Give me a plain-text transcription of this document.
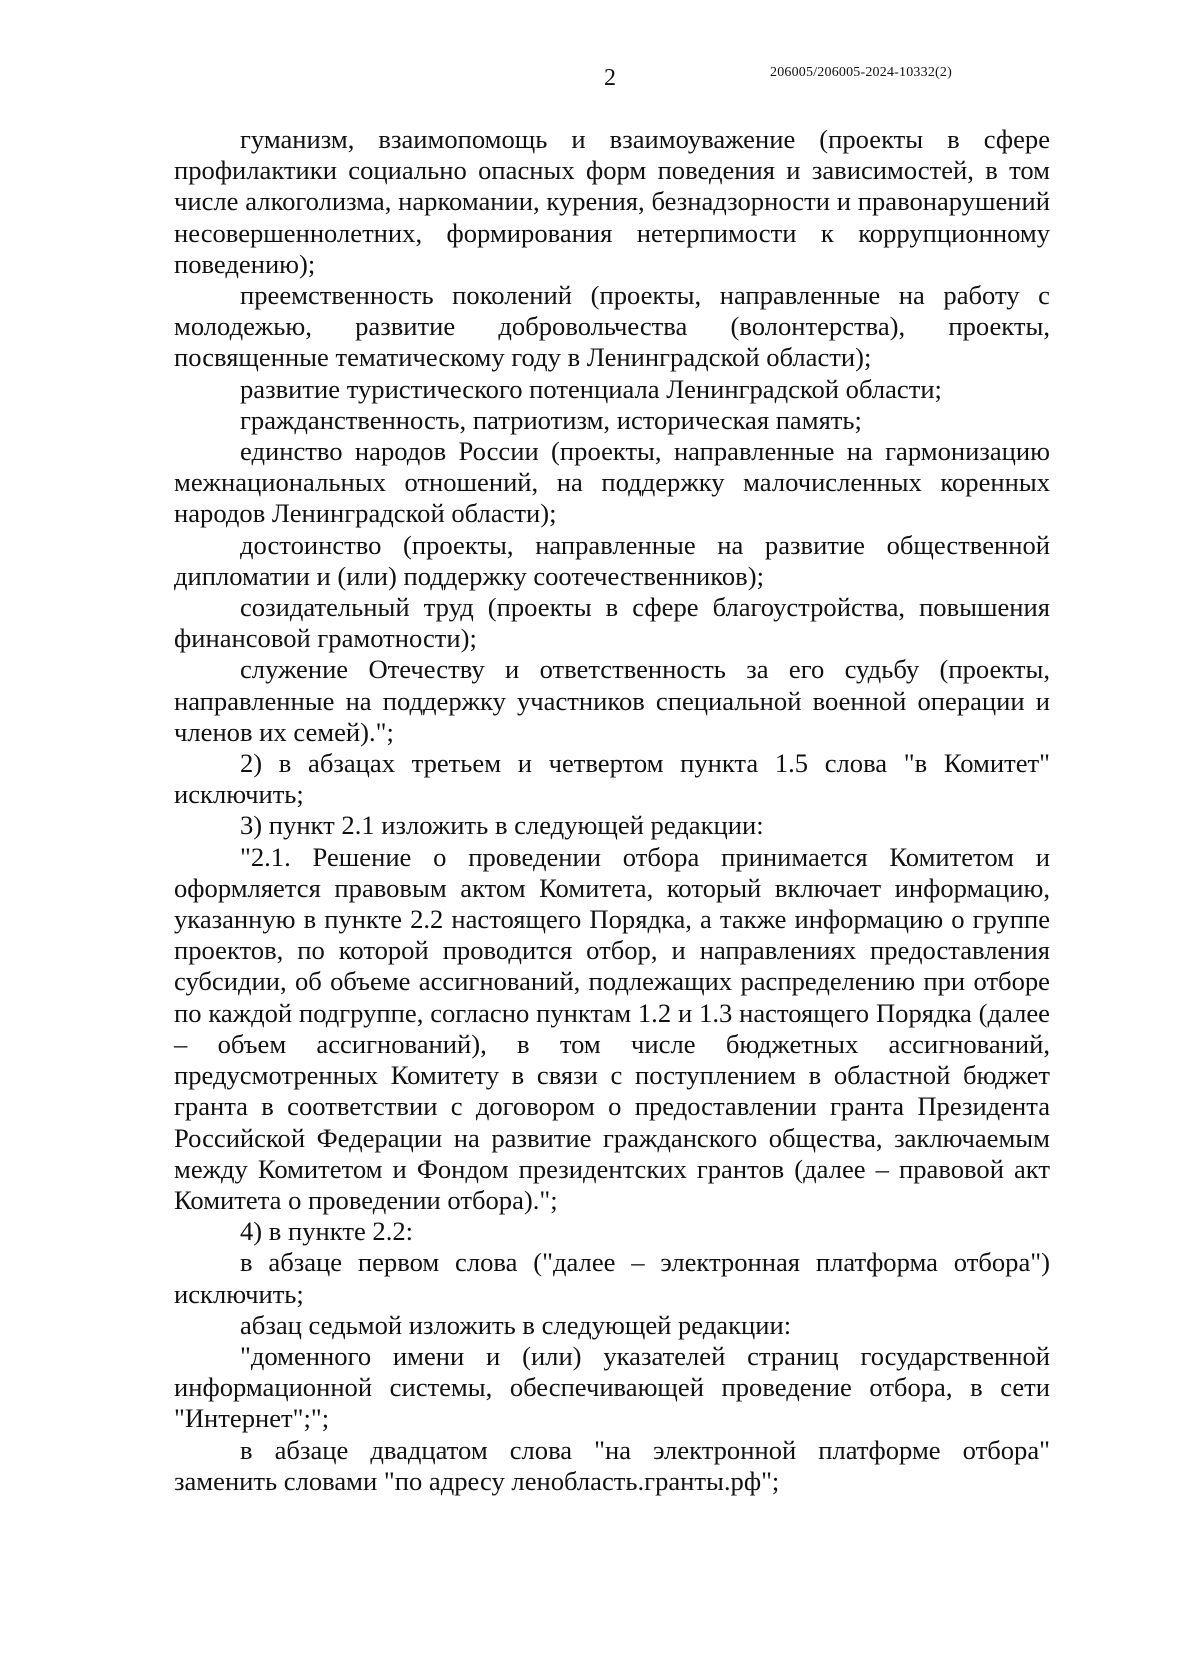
2	206005/206005-2024-10332(2)

гуманизм, взаимопомощь и взаимоуважение (проекты в сфере профилактики социально опасных форм поведения и зависимостей, в том числе алкоголизма, наркомании, курения, безнадзорности и правонарушений несовершеннолетних, формирования нетерпимости к коррупционному поведению);

преемственность поколений (проекты, направленные на работу с молодежью, развитие добровольчества (волонтерства), проекты, посвященные тематическому году в Ленинградской области);

развитие туристического потенциала Ленинградской области;

гражданственность, патриотизм, историческая память;

единство народов России (проекты, направленные на гармонизацию межнациональных отношений, на поддержку малочисленных коренных народов Ленинградской области);

достоинство (проекты, направленные на развитие общественной дипломатии и (или) поддержку соотечественников);

созидательный труд (проекты в сфере благоустройства, повышения финансовой грамотности);

служение Отечеству и ответственность за его судьбу (проекты, направленные на поддержку участников специальной военной операции и членов их семей).";

2) в абзацах третьем и четвертом пункта 1.5 слова "в Комитет" исключить;

3) пункт 2.1 изложить в следующей редакции:

"2.1. Решение о проведении отбора принимается Комитетом и оформляется правовым актом Комитета, который включает информацию, указанную в пункте 2.2 настоящего Порядка, а также информацию о группе проектов, по которой проводится отбор, и направлениях предоставления субсидии, об объеме ассигнований, подлежащих распределению при отборе по каждой подгруппе, согласно пунктам 1.2 и 1.3 настоящего Порядка (далее – объем ассигнований), в том числе бюджетных ассигнований, предусмотренных Комитету в связи с поступлением в областной бюджет гранта в соответствии с договором о предоставлении гранта Президента Российской Федерации на развитие гражданского общества, заключаемым между Комитетом и Фондом президентских грантов (далее – правовой акт Комитета о проведении отбора).";

4) в пункте 2.2:

в абзаце первом слова ("далее – электронная платформа отбора") исключить;

абзац седьмой изложить в следующей редакции:

"доменного имени и (или) указателей страниц государственной информационной системы, обеспечивающей проведение отбора, в сети "Интернет";";

в абзаце двадцатом слова "на электронной платформе отбора" заменить словами "по адресу ленобласть.гранты.рф";
